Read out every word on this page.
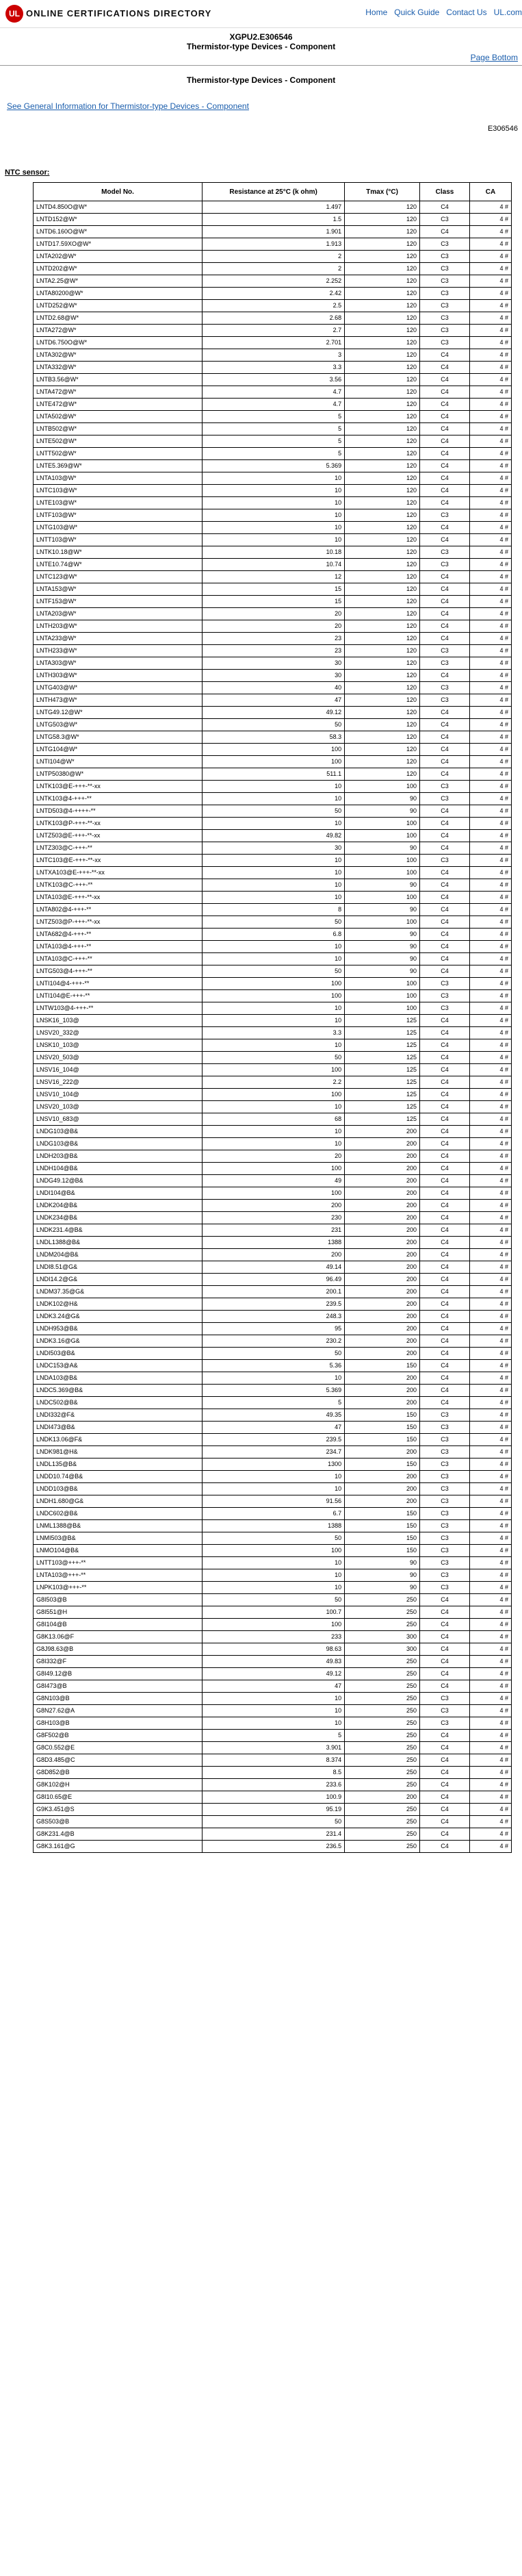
UL ONLINE CERTIFICATIONS DIRECTORY	Home Quick Guide Contact Us UL.com
XGPU2.E306546
Thermistor-type Devices - Component
Page Bottom
Thermistor-type Devices - Component
See General Information for Thermistor-type Devices - Component
E306546
NTC sensor:
Model No.	Resistance at 25°C (k ohm)	Tmax (°C)	Class	CA
LNTD4.850O@W*	1.497	120	C4	4 #
LNTD152@W*	1.5	120	C3	4 #
LNTD6.160O@W*	1.901	120	C4	4 #
LNTD17.59XO@W*	1.913	120	C3	4 #
LNTA202@W*	2	120	C3	4 #
LNTD202@W*	2	120	C3	4 #
LNTA2.25@W*	2.252	120	C3	4 #
LNTA80200@W*	2.42	120	C3	4 #
LNTD252@W*	2.5	120	C3	4 #
LNTD2.68@W*	2.68	120	C3	4 #
LNTA272@W*	2.7	120	C3	4 #
LNTD6.750O@W*	2.701	120	C3	4 #
LNTA302@W*	3	120	C4	4 #
LNTA332@W*	3.3	120	C4	4 #
LNTB3.56@W*	3.56	120	C4	4 #
LNTA472@W*	4.7	120	C4	4 #
LNTE472@W*	4.7	120	C4	4 #
LNTA502@W*	5	120	C4	4 #
LNTB502@W*	5	120	C4	4 #
LNTE502@W*	5	120	C4	4 #
LNTT502@W*	5	120	C4	4 #
LNTE5.369@W*	5.369	120	C4	4 #
LNTA103@W*	10	120	C4	4 #
LNTC103@W*	10	120	C4	4 #
LNTE103@W*	10	120	C4	4 #
LNTF103@W*	10	120	C3	4 #
LNTG103@W*	10	120	C4	4 #
LNTT103@W*	10	120	C4	4 #
LNTK10.18@W*	10.18	120	C3	4 #
LNTE10.74@W*	10.74	120	C3	4 #
LNTC123@W*	12	120	C4	4 #
LNTA153@W*	15	120	C4	4 #
LNTF153@W*	15	120	C4	4 #
LNTA203@W*	20	120	C4	4 #
LNTH203@W*	20	120	C4	4 #
LNTA233@W*	23	120	C4	4 #
LNTH233@W*	23	120	C3	4 #
LNTA303@W*	30	120	C3	4 #
LNTH303@W*	30	120	C4	4 #
LNTG403@W*	40	120	C3	4 #
LNTH473@W*	47	120	C3	4 #
LNTG49.12@W*	49.12	120	C4	4 #
LNTG503@W*	50	120	C4	4 #
LNTG58.3@W*	58.3	120	C4	4 #
LNTG104@W*	100	120	C4	4 #
LNTI104@W*	100	120	C4	4 #
LNTP50380@W*	511.1	120	C4	4 #
LNTK103@E-+++-**-xx	10	100	C3	4 #
LNTK103@4-+++-**	10	90	C3	4 #
LNTD503@4-++++-**	50	90	C4	4 #
LNTK103@P-+++-**-xx	10	100	C4	4 #
LNTZ503@E-+++-**-xx	49.82	100	C4	4 #
LNTZ303@C-+++-**	30	90	C4	4 #
LNTC103@E-+++-**-xx	10	100	C3	4 #
LNTXA103@E-+++-**-xx	10	100	C4	4 #
LNTK103@C-+++-**	10	90	C4	4 #
LNTA103@E-+++-**-xx	10	100	C4	4 #
LNTA802@4-+++-**	8	90	C4	4 #
LNTZ503@P-+++-**-xx	50	100	C4	4 #
LNTA682@4-+++-**	6.8	90	C4	4 #
LNTA103@4-+++-**	10	90	C4	4 #
LNTA103@C-+++-**	10	90	C4	4 #
LNTG503@4-+++-**	50	90	C4	4 #
LNTI104@4-+++-**	100	100	C3	4 #
LNTI104@E-+++-**	100	100	C3	4 #
LNTW103@4-+++-**	10	100	C3	4 #
LNSK16_103@	10	125	C4	4 #
LNSV20_332@	3.3	125	C4	4 #
LNSK10_103@	10	125	C4	4 #
LNSV20_503@	50	125	C4	4 #
LNSV16_104@	100	125	C4	4 #
LNSV16_222@	2.2	125	C4	4 #
LNSV10_104@	100	125	C4	4 #
LNSV20_103@	10	125	C4	4 #
LNSV10_683@	68	125	C4	4 #
LNDG103@B&	10	200	C4	4 #
LNDG103@B&	10	200	C4	4 #
LNDH203@B&	20	200	C4	4 #
LNDH104@B&	100	200	C4	4 #
LNDG49.12@B&	49	200	C4	4 #
LNDI104@B&	100	200	C4	4 #
LNDK204@B&	200	200	C4	4 #
LNDK234@B&	230	200	C4	4 #
LNDK231.4@B&	231	200	C4	4 #
LNDL1388@B&	1388	200	C4	4 #
LNDM204@B&	200	200	C4	4 #
LNDI8.51@G&	49.14	200	C4	4 #
LNDI14.2@G&	96.49	200	C4	4 #
LNDM37.35@G&	200.1	200	C4	4 #
LNDK102@H&	239.5	200	C4	4 #
LNDK3.24@G&	248.3	200	C4	4 #
LNDH953@B&	95	200	C4	4 #
LNDK3.16@G&	230.2	200	C4	4 #
LNDI503@B&	50	200	C4	4 #
LNDC153@A&	5.36	150	C4	4 #
LNDA103@B&	10	200	C4	4 #
LNDC5.369@B&	5.369	200	C4	4 #
LNDC502@B&	5	200	C4	4 #
LNDI332@F&	49.35	150	C3	4 #
LNDI473@B&	47	150	C3	4 #
LNDK13.06@F&	239.5	150	C3	4 #
LNDK981@H&	234.7	200	C3	4 #
LNDL135@B&	1300	150	C3	4 #
LNDD10.74@B&	10	200	C3	4 #
LNDD103@B&	10	200	C3	4 #
LNDH1.680@G&	91.56	200	C3	4 #
LNDC602@B&	6.7	150	C3	4 #
LNML1388@B&	1388	150	C3	4 #
LNMI503@B&	50	150	C3	4 #
LNMO104@B&	100	150	C3	4 #
LNTT103@+++-**	10	90	C3	4 #
LNTA103@+++-**	10	90	C3	4 #
LNPK103@+++-**	10	90	C3	4 #
G8I503@B	50	250	C4	4 #
G8I551@H	100.7	250	C4	4 #
G8I104@B	100	250	C4	4 #
G8K13.06@F	233	300	C4	4 #
G8J98.63@B	98.63	300	C4	4 #
G8I332@F	49.83	250	C4	4 #
G8I49.12@B	49.12	250	C4	4 #
G8I473@B	47	250	C4	4 #
G8N103@B	10	250	C3	4 #
G8N27.62@A	10	250	C3	4 #
G8H103@B	10	250	C3	4 #
G8F502@B	5	250	C4	4 #
G8C0.552@E	3.901	250	C4	4 #
G8D3.485@C	8.374	250	C4	4 #
G8D852@B	8.5	250	C4	4 #
G8K102@H	233.6	250	C4	4 #
G8I10.65@E	100.9	200	C4	4 #
G9K3.451@S	95.19	250	C4	4 #
G8S503@B	50	250	C4	4 #
G8K231.4@B	231.4	250	C4	4 #
G8K3.161@G	236.5	250	C4	4 #
